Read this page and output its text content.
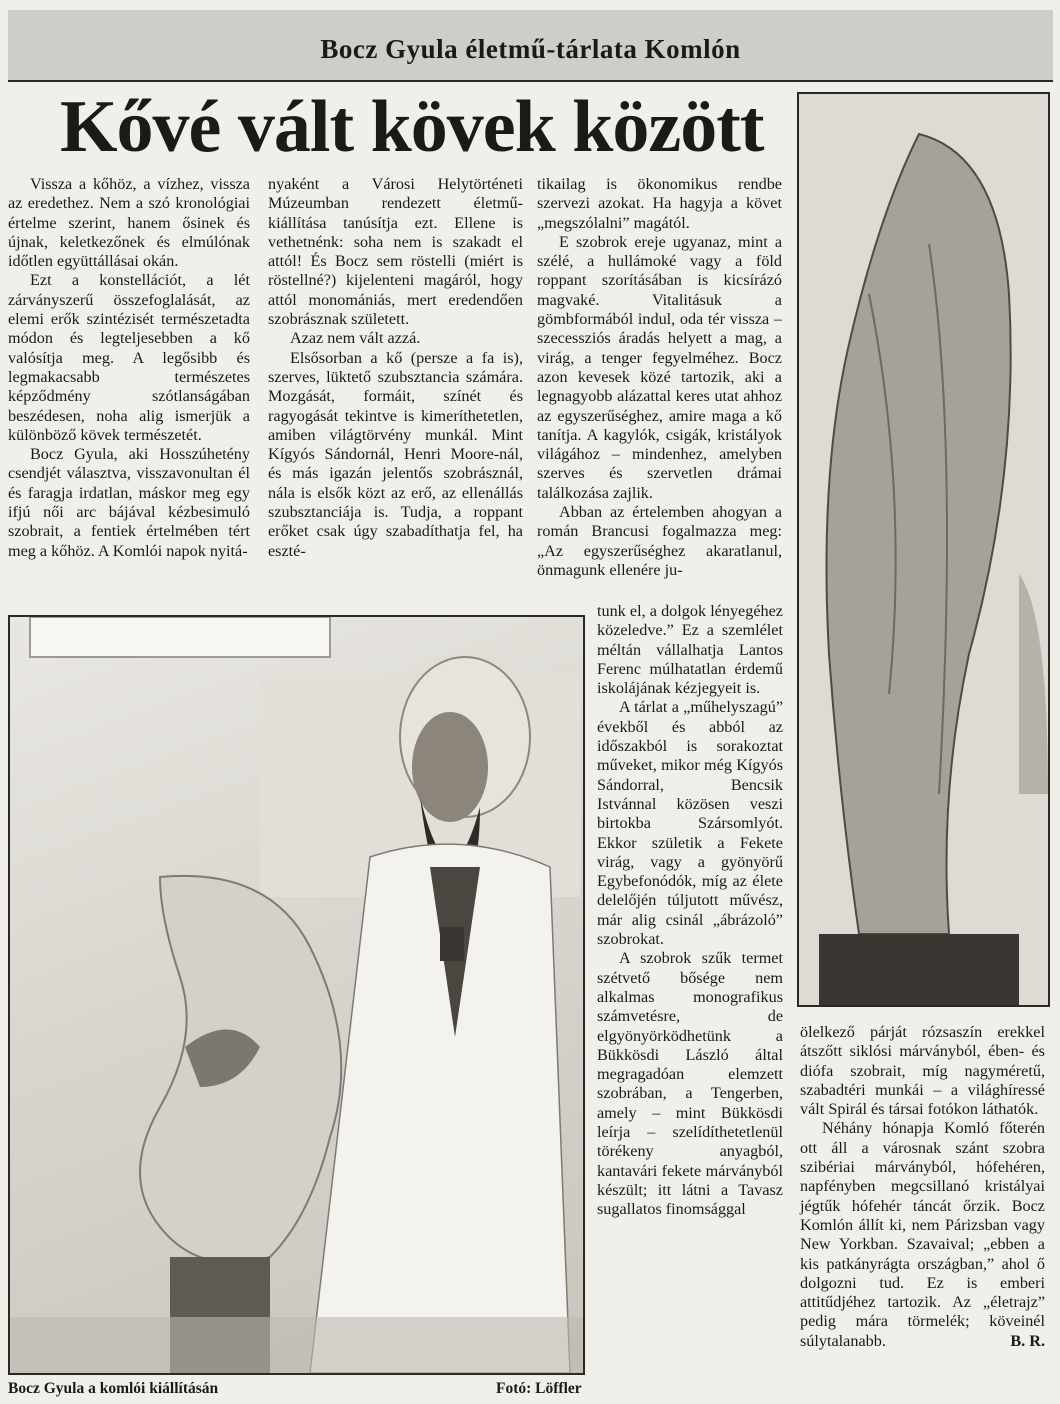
Bocz Gyula életmű-tárlata Komlón
Kővé vált kövek között

Vissza a kőhöz, a vízhez, vissza az eredethez. Nem a szó kronológiai értelme szerint, hanem ősinek és újnak, keletkezőnek és elmúlónak időtlen együttállásai okán.

Ezt a konstellációt, a lét zárványszerű összefoglalását, az elemi erők szintézisét természetadta módon és legteljesebben a kő valósítja meg. A legősibb és legmakacsabb természetes képződmény szótlanságában beszédesen, noha alig ismerjük a különböző kövek természetét.

Bocz Gyula, aki Hosszúhetény csendjét választva, visszavonultan él és faragja irdatlan, máskor meg egy ifjú női arc bájával kézbesimuló szobrait, a fentiek értelmében tért meg a kőhöz. A Komlói napok nyitá-

nyaként a Városi Helytörténeti Múzeumban rendezett életmű-kiállítása tanúsítja ezt. Ellene is vethetnénk: soha nem is szakadt el attól! És Bocz sem röstelli (miért is röstellné?) kijelenteni magáról, hogy attól monomániás, mert eredendően szobrásznak született.

Azaz nem vált azzá.

Elsősorban a kő (persze a fa is), szerves, lüktető szubsztancia számára. Mozgását, formáit, színét és ragyogását tekintve is kimeríthetetlen, amiben világtörvény munkál. Mint Kígyós Sándornál, Henri Moore-nál, és más igazán jelentős szobrásznál, nála is elsők közt az erő, az ellenállás szubsztanciája is. Tudja, a roppant erőket csak úgy szabadíthatja fel, ha eszté-

tikailag is ökonomikus rendbe szervezi azokat. Ha hagyja a követ „megszólalni” magától.

E szobrok ereje ugyanaz, mint a szélé, a hullámoké vagy a föld roppant szorításában is kicsírázó magvaké. Vitalitásuk a gömbformából indul, oda tér vissza – szecessziós áradás helyett a mag, a virág, a tenger fegyelméhez. Bocz azon kevesek közé tartozik, aki a legnagyobb alázattal keres utat ahhoz az egyszerűséghez, amire maga a kő tanítja. A kagylók, csigák, kristályok világához – mindenhez, amelyben szerves és szervetlen drámai találkozása zajlik.

Abban az értelemben ahogyan a román Brancusi fogalmazza meg: „Az egyszerűséghez akaratlanul, önmagunk ellenére ju-

tunk el, a dolgok lényegéhez közeledve.” Ez a szemlélet méltán vállalhatja Lantos Ferenc múlhatatlan érdemű iskolájának kézjegyeit is.

A tárlat a „műhelyszagú” évekből és abból az időszakból is sorakoztat műveket, mikor még Kígyós Sándorral, Bencsik Istvánnal közösen veszi birtokba Szársomlyót. Ekkor születik a Fekete virág, vagy a gyönyörű Egybefonódók, míg az élete delelőjén túljutott művész, már alig csinál „ábrázoló” szobrokat.

A szobrok szűk termet szétvető bősége nem alkalmas monografikus számvetésre, de elgyönyörködhetünk a Bükkösdi László által megragadóan elemzett szobrában, a Tengerben, amely – mint Bükkösdi leírja – szelídíthetetlenül törékeny anyagból, kantavári fekete márványból készült; itt látni a Tavasz sugallatos finomsággal

ölelkező párját rózsaszín erekkel átszőtt siklósi márványból, ében- és diófa szobrait, míg nagyméretű, szabadtéri munkái – a világhíressé vált Spirál és társai fotókon láthatók.

Néhány hónapja Komló főterén ott áll a városnak szánt szobra szibériai márványból, hófehéren, napfényben megcsillanó kristályai jégtűk hófehér táncát őrzik. Bocz Komlón állít ki, nem Párizsban vagy New Yorkban. Szavaival; „ebben a kis patkányrágta országban,” ahol ő dolgozni tud. Ez is emberi attitűdjéhez tartozik. Az „életrajz” pedig mára törmelék; köveinél súlytalanabb.	B. R.

Bocz Gyula a komlói kiállításán	Fotó: Löffler
